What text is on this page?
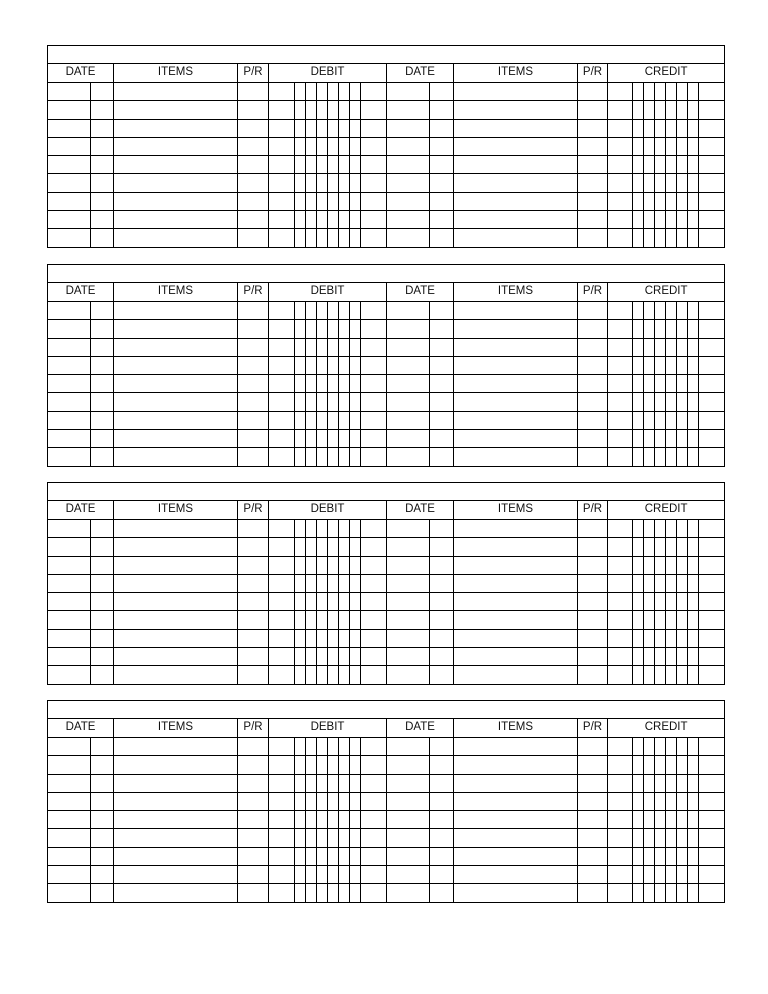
DATE		ITEMS	P/R	DEBIT								DATE		ITEMS	P/R	CREDIT							

DATE		ITEMS	P/R	DEBIT								DATE		ITEMS	P/R	CREDIT							

DATE		ITEMS	P/R	DEBIT								DATE		ITEMS	P/R	CREDIT							

DATE		ITEMS	P/R	DEBIT								DATE		ITEMS	P/R	CREDIT							
